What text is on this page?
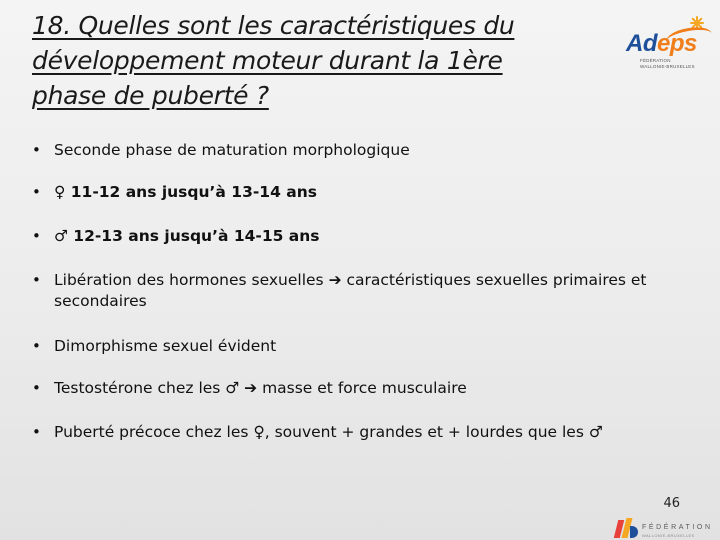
18. Quelles sont les caractéristiques du développement moteur durant la 1ère phase de puberté ?
Adeps
FÉDÉRATION
WALLONIE-BRUXELLES
• Seconde phase de maturation morphologique
• ♀ 11-12 ans jusqu’à 13-14 ans
• ♂ 12-13 ans jusqu’à 14-15 ans
• Libération des hormones sexuelles ➔ caractéristiques sexuelles primaires et secondaires
• Dimorphisme sexuel évident
• Testostérone chez les ♂ ➔ masse et force musculaire
• Puberté précoce chez les ♀, souvent + grandes et + lourdes que les ♂
46
FÉDÉRATION
WALLONIE-BRUXELLES
